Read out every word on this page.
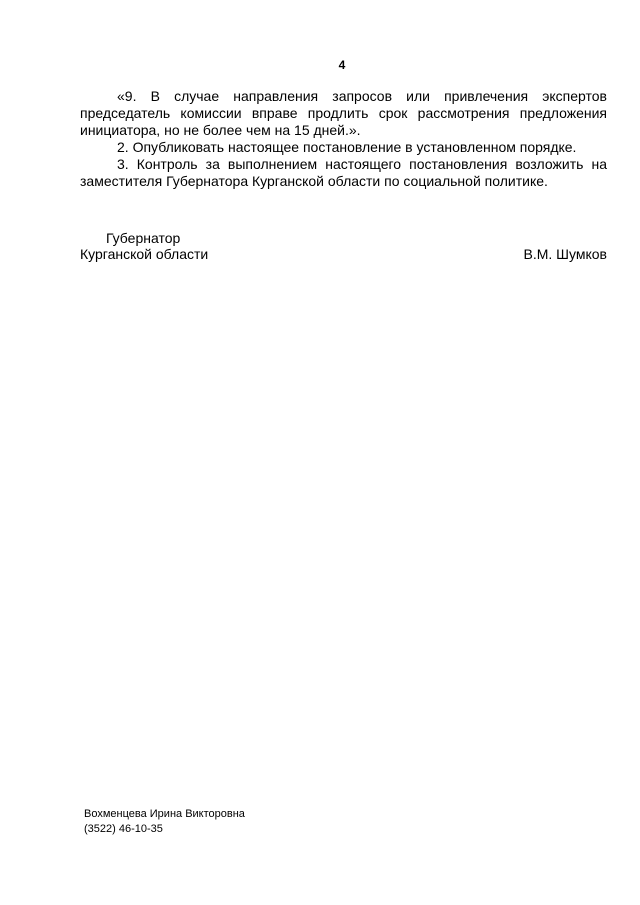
4
«9. В случае направления запросов или привлечения экспертов
председатель комиссии вправе продлить срок рассмотрения предложения
инициатора, но не более чем на 15 дней.».
2. Опубликовать настоящее постановление в установленном порядке.
3. Контроль за выполнением настоящего постановления возложить на
заместителя Губернатора Курганской области по социальной политике.
Губернатор
Курганской области	В.М. Шумков
Вохменцева Ирина Викторовна
(3522) 46-10-35
